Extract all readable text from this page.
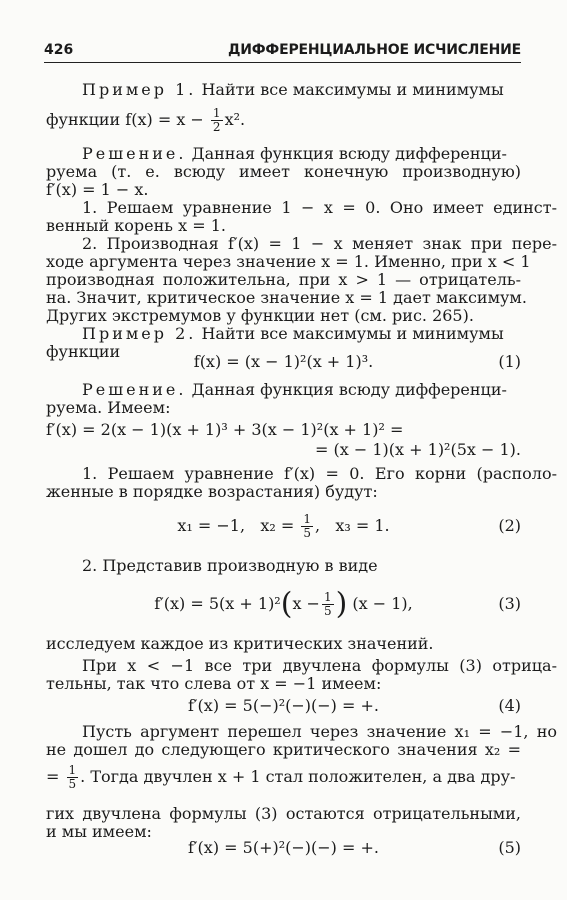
426	ДИФФЕРЕНЦИАЛЬНОЕ ИСЧИСЛЕНИЕ
Пример 1. Найти все максимумы и минимумы
функции $f(x) = x - \frac{1}{2} x^2$.
Решение. Данная функция всюду дифференци-
руема (т. е. всюду имеет конечную производную)
f′(x) = 1 − x.
1. Решаем уравнение 1 − x = 0. Оно имеет единст-
венный корень x = 1.
2. Производная f′(x) = 1 − x меняет знак при пере-
ходе аргумента через значение x = 1. Именно, при x < 1
производная положительна, при x > 1 — отрицатель-
на. Значит, критическое значение x = 1 дает максимум.
Других экстремумов у функции нет (см. рис. 265).
Пример 2. Найти все максимумы и минимумы
функции
f(x) = (x − 1)²(x + 1)³.	(1)
Решение. Данная функция всюду дифференци-
руема. Имеем:
f′(x) = 2(x − 1)(x + 1)³ + 3(x − 1)²(x + 1)² =
= (x − 1)(x + 1)²(5x − 1).
1. Решаем уравнение f′(x) = 0. Его корни (располо-
женные в порядке возрастания) будут:
x₁ = −1, $x_2 = \frac{1}{5}$ , x₃ = 1.	(2)
2. Представив производную в виде
$f'(x) = 5(x + 1)^2(x - \frac{1}{5}$ ) (x − 1),	(3)
исследуем каждое из критических значений.
При x < −1 все три двучлена формулы (3) отрица-
тельны, так что слева от x = −1 имеем:
f′(x) = 5(−)²(−)(−) = +.	(4)
Пусть аргумент перешел через значение x₁ = −1, но
не дошел до следующего критического значения x₂ =
= $\frac{1}{5}$ . Тогда двучлен x + 1 стал положителен, а два дру-
гих двучлена формулы (3) остаются отрицательными,
и мы имеем:
f′(x) = 5(+)²(−)(−) = +.	(5)
